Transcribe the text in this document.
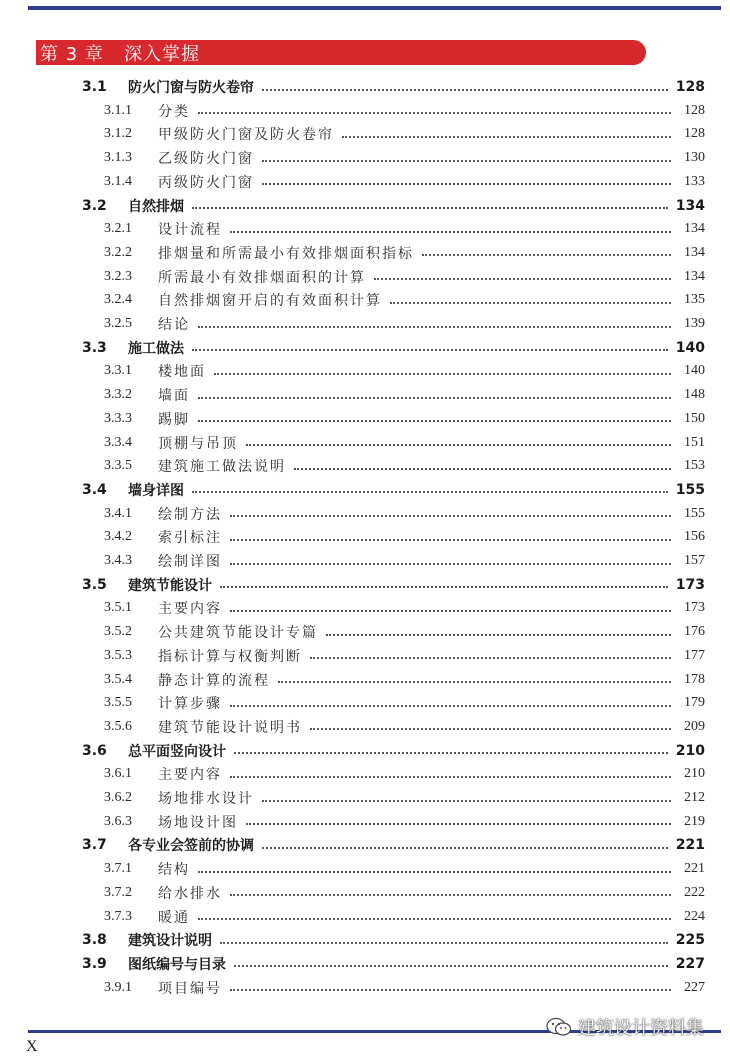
第 3 章   深入掌握
3.1	防火门窗与防火卷帘	128
3.1.1	分类	128
3.1.2	甲级防火门窗及防火卷帘	128
3.1.3	乙级防火门窗	130
3.1.4	丙级防火门窗	133
3.2	自然排烟	134
3.2.1	设计流程	134
3.2.2	排烟量和所需最小有效排烟面积指标	134
3.2.3	所需最小有效排烟面积的计算	134
3.2.4	自然排烟窗开启的有效面积计算	135
3.2.5	结论	139
3.3	施工做法	140
3.3.1	楼地面	140
3.3.2	墙面	148
3.3.3	踢脚	150
3.3.4	顶棚与吊顶	151
3.3.5	建筑施工做法说明	153
3.4	墙身详图	155
3.4.1	绘制方法	155
3.4.2	索引标注	156
3.4.3	绘制详图	157
3.5	建筑节能设计	173
3.5.1	主要内容	173
3.5.2	公共建筑节能设计专篇	176
3.5.3	指标计算与权衡判断	177
3.5.4	静态计算的流程	178
3.5.5	计算步骤	179
3.5.6	建筑节能设计说明书	209
3.6	总平面竖向设计	210
3.6.1	主要内容	210
3.6.2	场地排水设计	212
3.6.3	场地设计图	219
3.7	各专业会签前的协调	221
3.7.1	结构	221
3.7.2	给水排水	222
3.7.3	暖通	224
3.8	建筑设计说明	225
3.9	图纸编号与目录	227
3.9.1	项目编号	227
X
建筑设计资料集
